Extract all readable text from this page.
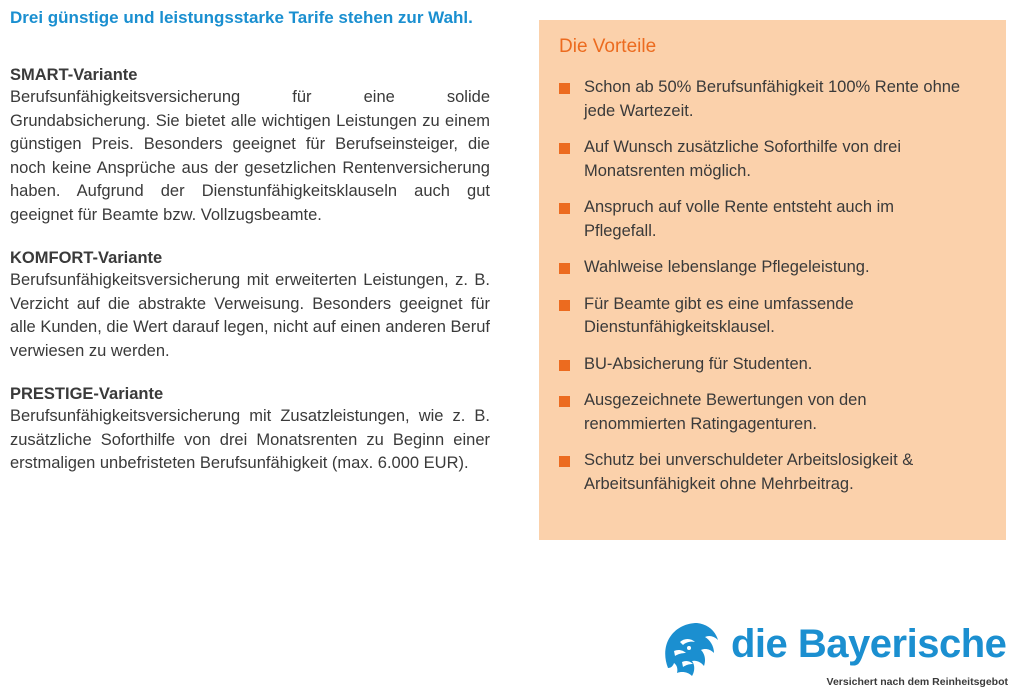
Drei günstige und leistungsstarke Tarife stehen zur Wahl.
SMART-Variante

Berufsunfähigkeitsversicherung für eine solide Grundabsicherung. Sie bietet alle wichtigen Leistungen zu einem günstigen Preis. Besonders geeignet für Berufseinsteiger, die noch keine Ansprüche aus der gesetzlichen Rentenversicherung haben. Aufgrund der Dienstunfähigkeitsklauseln auch gut geeignet für Beamte bzw. Vollzugsbeamte.

KOMFORT-Variante

Berufsunfähigkeitsversicherung mit erweiterten Leistungen, z. B. Verzicht auf die abstrakte Verweisung. Besonders geeignet für alle Kunden, die Wert darauf legen, nicht auf einen anderen Beruf verwiesen zu werden.

PRESTIGE-Variante

Berufsunfähigkeitsversicherung mit Zusatzleistungen, wie z. B. zusätzliche Soforthilfe von drei Monatsrenten zu Beginn einer erstmaligen unbefristeten Berufsunfähigkeit (max. 6.000 EUR).

Die Vorteile
Schon ab 50% Berufsunfähigkeit 100% Rente ohne jede Wartezeit.
Auf Wunsch zusätzliche Soforthilfe von drei Monatsrenten möglich.
Anspruch auf volle Rente entsteht auch im Pflegefall.
Wahlweise lebenslange Pflegeleistung.
Für Beamte gibt es eine umfassende Dienstunfähigkeitsklausel.
BU-Absicherung für Studenten.
Ausgezeichnete Bewertungen von den renommierten Ratingagenturen.
Schutz bei unverschuldeter Arbeitslosigkeit & Arbeitsunfähigkeit ohne Mehrbeitrag.
die Bayerische
Versichert nach dem Reinheitsgebot
